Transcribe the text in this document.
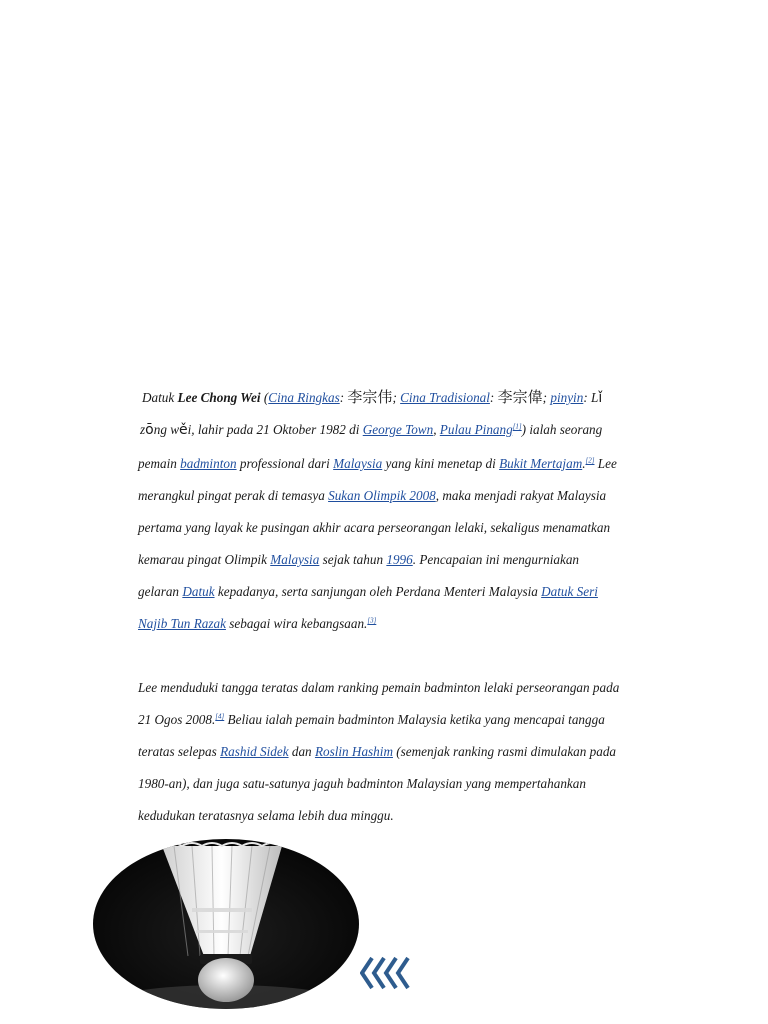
Datuk Lee Chong Wei (Cina Ringkas: 李宗伟; Cina Tradisional: 李宗偉; pinyin: Lǐ
zōng wěi, lahir pada 21 Oktober 1982 di George Town, Pulau Pinang[1]) ialah seorang
pemain badminton professional dari Malaysia yang kini menetap di Bukit Mertajam.[2] Lee
merangkul pingat perak di temasya Sukan Olimpik 2008, maka menjadi rakyat Malaysia
pertama yang layak ke pusingan akhir acara perseorangan lelaki, sekaligus menamatkan
kemarau pingat Olimpik Malaysia sejak tahun 1996. Pencapaian ini mengurniakan
gelaran Datuk kepadanya, serta sanjungan oleh Perdana Menteri Malaysia Datuk Seri
Najib Tun Razak sebagai wira kebangsaan.[3]
Lee menduduki tangga teratas dalam ranking pemain badminton lelaki perseorangan pada
21 Ogos 2008.[4] Beliau ialah pemain badminton Malaysia ketika yang mencapai tangga
teratas selepas Rashid Sidek dan Roslin Hashim (semenjak ranking rasmi dimulakan pada
1980-an), dan juga satu-satunya jaguh badminton Malaysian yang mempertahankan
kedudukan teratasnya selama lebih dua minggu.
